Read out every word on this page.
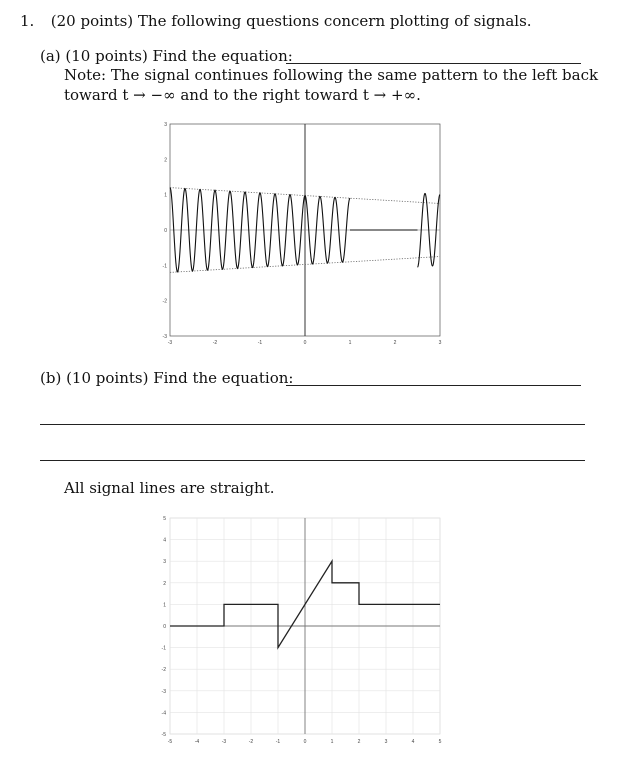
1. (20 points) The following questions concern plotting of signals.
(a) (10 points) Find the equation:
Note: The signal continues following the same pattern to the left back
toward t → −∞ and to the right toward t → +∞.
-3	-2	-1	0	1	2	3
3
2
1
0
-1
-2
-3
(b) (10 points) Find the equation:
All signal lines are straight.
-5	-4	-3	-2	-1	0	1	2	3	4	5
5
4
3
2
1
0
-1
-2
-3
-4
-5
